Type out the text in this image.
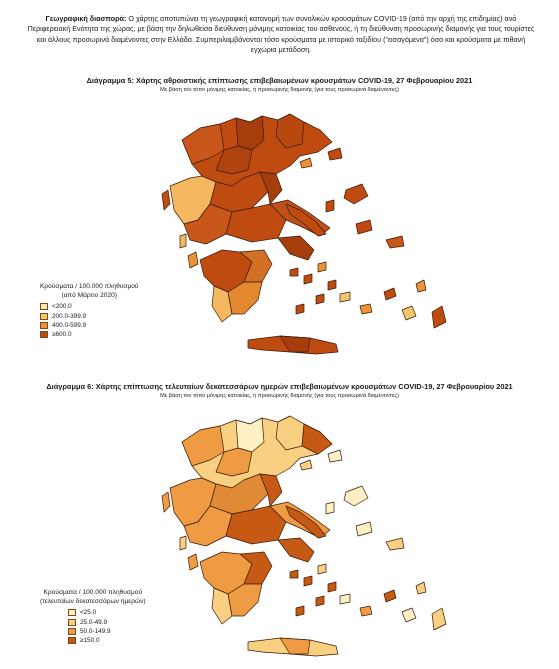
Γεωγραφική διασπορά: Ο χάρτης αποτυπώνει τη γεωγραφική κατανομή των συνολικών κρουσμάτων COVID-19 (από την αρχή της επιδημίας) ανά Περιφερειακή Ενότητα της χώρας, με βάση την δηλωθείσα διεύθυνση μόνιμης κατοικίας του ασθενούς, ή τη διεύθυνση προσωρινής διαμονής για τους τουρίστες και άλλους προσωρινά διαμένοντες στην Ελλάδα. Συμπεριλαμβάνονται τόσο κρούσματα με ιστορικό ταξιδίου (“εισαγόμενα”) όσο και κρούσματα με πιθανή εγχώρια μετάδοση.
Διάγραμμα 5: Χάρτης αθροιστικής επίπτωσης επιβεβαιωμένων κρουσμάτων COVID-19, 27 Φεβρουαρίου 2021
Με βάση τον τόπο μόνιμης κατοικίας, ή προσωρινής διαμονής (για τους προσωρινά διαμένοντες)
Κρούσματα / 100.000 πληθυσμού
(από Μάρτιο 2020)
<200.0
200.0-399.9
400.0-599.9
≥600.0
Διάγραμμα 6: Χάρτης επίπτωσης τελευταίων δεκατεσσάρων ημερών επιβεβαιωμένων κρουσμάτων COVID-19, 27 Φεβρουαρίου 2021
Με βάση τον τόπο μόνιμης κατοικίας, ή προσωρινής διαμονής (για τους προσωρινά διαμένοντες)
Κρούσματα / 100.000 πληθυσμού
(τελευταίων δεκατεσσάρων ημερών)
<25.0
25.0-49.9
50.0-149.9
≥150.0
